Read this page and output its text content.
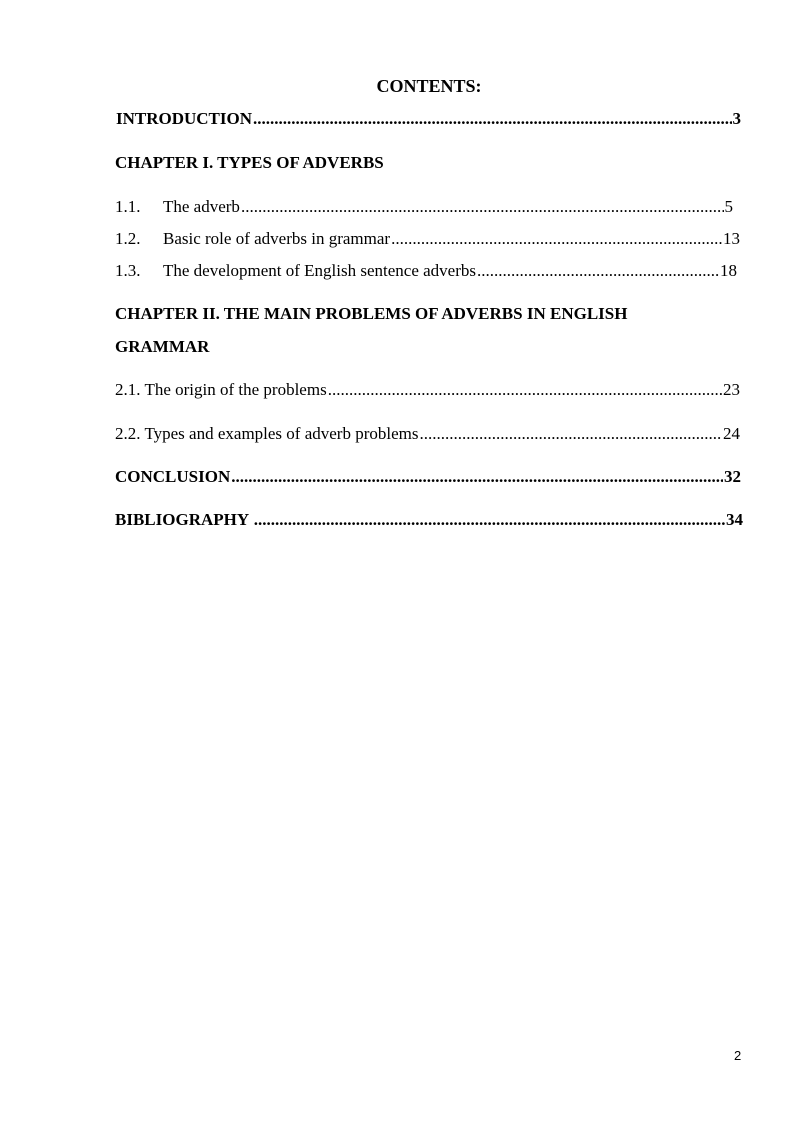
CONTENTS:
INTRODUCTION .....	3
CHAPTER I. TYPES OF ADVERBS
1.1. The adverb .....	5
1.2. Basic role of adverbs in grammar .....	13
1.3. The development of English sentence adverbs .....	18
CHAPTER II. THE MAIN PROBLEMS OF ADVERBS IN ENGLISH
GRAMMAR
2.1. The origin of the problems .....	23
2.2. Types and examples of adverb problems .....	24
CONCLUSION .....	32
BIBLIOGRAPHY .....	34
2
